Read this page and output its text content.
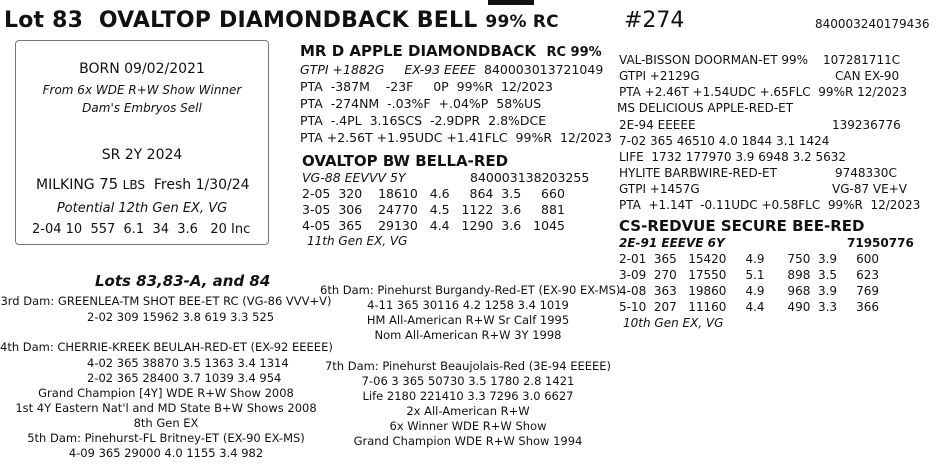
Lot 83 OVALTOP DIAMONDBACK BELL 99% RC	#274	840003240179436
BORN 09/02/2021
From 6x WDE R+W Show Winner
Dam's Embryos Sell
SR 2Y 2024
MILKING 75 LBS Fresh 1/30/24
Potential 12th Gen EX, VG
2-04 10  557  6.1  34  3.6   20 Inc
MR D APPLE DIAMONDBACK RC 99%
GTPI +1882G     EX-93 EEEE 840003013721049
PTA  -387M    -23F     0P  99%R  12/2023
PTA  -274NM  -.03%F  +.04%P  58%US
PTA  -.4PL  3.16SCS  -2.9DPR  2.8%DCE
PTA +2.56T +1.95UDC +1.41FLC  99%R  12/2023
OVALTOP BW BELLA-RED
VG-88 EEVVV 5Y	840003138203255
2-05  320    18610   4.6     864  3.5     660
3-05  306    24770   4.5   1122  3.6     881
4-05  365    29130   4.4   1290  3.6   1045
11th Gen EX, VG
VAL-BISSON DOORMAN-ET 99% 107281711C
GTPI +2129G	CAN EX-90
PTA +2.46T +1.54UDC +.65FLC  99%R 12/2023
MS DELICIOUS APPLE-RED-ET
2E-94 EEEEE	139236776
7-02 365 46510 4.0 1844 3.1 1424
LIFE  1732 177970 3.9 6948 3.2 5632
HYLITE BARBWIRE-RED-ET	9748330C
GTPI +1457G	VG-87 VE+V
PTA  +1.14T  -0.11UDC +0.58FLC  99%R  12/2023
CS-REDVUE SECURE BEE-RED
2E-91 EEEVE 6Y	71950776
2-01  365   15420     4.9      750  3.9     600
3-09  270   17550     5.1      898  3.5     623
4-08  363   19860     4.9      968  3.9     769
5-10  207   11160     4.4      490  3.3     366
10th Gen EX, VG
Lots 83,83-A, and 84
3rd Dam: GREENLEA-TM SHOT BEE-ET RC (VG-86 VVV+V)
2-02 309 15962 3.8 619 3.3 525
4th Dam: CHERRIE-KREEK BEULAH-RED-ET (EX-92 EEEEE)
4-02 365 38870 3.5 1363 3.4 1314
2-02 365 28400 3.7 1039 3.4 954
Grand Champion [4Y] WDE R+W Show 2008
1st 4Y Eastern Nat'l and MD State B+W Shows 2008
8th Gen EX
5th Dam: Pinehurst-FL Britney-ET (EX-90 EX-MS)
4-09 365 29000 4.0 1155 3.4 982
6th Dam: Pinehurst Burgandy-Red-ET (EX-90 EX-MS)
4-11 365 30116 4.2 1258 3.4 1019
HM All-American R+W Sr Calf 1995
Nom All-American R+W 3Y 1998
7th Dam: Pinehurst Beaujolais-Red (3E-94 EEEEE)
7-06 3 365 50730 3.5 1780 2.8 1421
Life 2180 221410 3.3 7296 3.0 6627
2x All-American R+W
6x Winner WDE R+W Show
Grand Champion WDE R+W Show 1994
